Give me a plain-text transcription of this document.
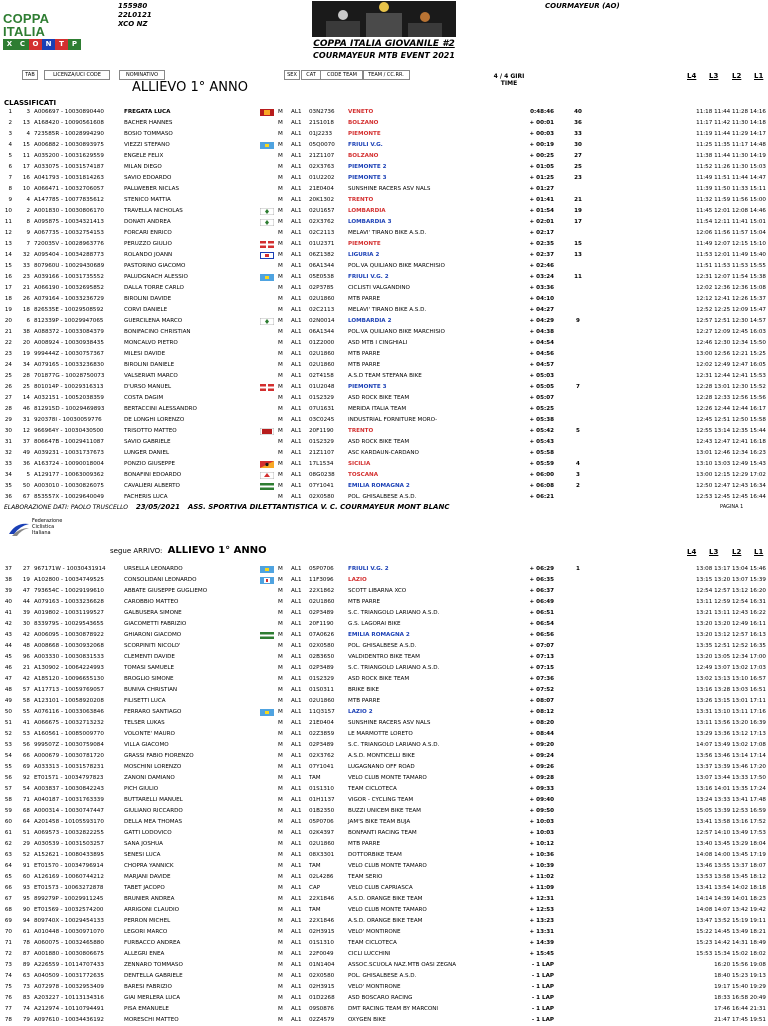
COPPA ITALIA
X	C	O	N	T	P
155980
22L0121
XCO NZ
COURMAYEUR (AO)
COPPA ITALIA GIOVANILE #2
COURMAYEUR MTB EVENT 2021
TAB	LICENZA/UCI CODE	NOMINATIVO	SEX	CAT	CODE TEAM	TEAM / CC.RR.
ALLIEVO 1° ANNO
4 / 4 GIRI
TIME
L4 L3 L2 L1
CLASSIFICATI
1	3 A006697 - 10030890440	FREGATA LUCA	M AL1 03N2736 VENETO	0:48:46	40	11:18 11:44 11:28 14:16
2	13 A168420 - 10090561608	BACHER HANNES	M AL1 21S1018	BOLZANO	+ 00:01	36	11:17 11:42 11:30 14:18
3	4 723585R - 10028994290	BOSIO TOMMASO	M AL1 01J2233	PIEMONTE	+ 00:03	33	11:19 11:44 11:29 14:17
4	15 A006882 - 10030893975	VIEZZI STEFANO	M AL1 05Q0070 FRIULI V.G.	+ 00:19	30	11:25 11:35 11:17 14:48
5	11 A035200 - 10031629559	ENGELE FELIX	M AL1 21Z1107 BOLZANO	+ 00:25	27	11:38 11:44 11:30 14:19
6	17 A033075 - 10031574187	MILAN DIEGO	M AL1 02X3763 PIEMONTE 2	+ 01:05	25	11:52 11:26 11:30 15:03
7	16 A041793 - 10031814263	SAVIO EDOARDO	M AL1 01U2202 PIEMONTE 3	+ 01:25	23	11:49 11:51 11:44 14:47
8	10 A066471 - 10032706057	PALLWEBER NICLAS	M AL1 21E0404	SUNSHINE RACERS ASV NALS	+ 01:27	11:39 11:50 11:33 15:11
9	4 A147785 - 10077835612	STENICO MATTIA	M AL1 20K1302 TRENTO	+ 01:41	21	11:32 11:59 11:56 15:00
10	2 A001830 - 10030806170	TRAVELLA NICHOLAS	M AL1 02U1657 LOMBARDIA	+ 01:54	19	11:45 12:01 12:08 14:46
11	8 A095875 - 10034321413	DONATI ANDREA	M AL1 02X3762 LOMBARDIA 3	+ 02:01	17	11:54 12:11 11:41 15:01
12	9 A067735 - 10032754153	FORCARI ENRICO	M AL1 02C2113 MELAVI' TIRANO BIKE A.S.D.	+ 02:17	12:06 11:56 11:57 15:04
13	7 720035V - 10028963776	PERUZZO GIULIO	M AL1 01U2371 PIEMONTE	+ 02:35	15	11:49 12:07 12:15 15:10
14	32 A095404 - 10034288773	ROLANDO JOANN	M AL1 06Z1382 LIGURIA 2	+ 02:37	13	11:53 12:01 11:49 15:40
15	33 807960U - 10029430689	PASTORINO GIACOMO	M AL1 06A1344 POL.VA QUILIANO BIKE MARCHISIO	+ 02:46	11:51 11:53 11:53 15:55
16	23 A039166 - 10031735552	PALUDGNACH ALESSIO	M AL1 05E0538	FRIULI V.G. 2	+ 03:24	11	12:31 12:07 11:54 15:38
17	21 A066190 - 10032695852	DALLA TORRE CARLO	M AL1 02P3785	CICLISTI VALGANDINO	+ 03:36	12:02 12:36 12:36 15:08
18	26 A079164 - 10033236729	BIROLINI DAVIDE	M AL1 02U1860 MTB PARRE	+ 04:10	12:12 12:41 12:26 15:37
19	18 826535E - 10029508592	CORVI DANIELE	M AL1 02C2113 MELAVI' TIRANO BIKE A.S.D.	+ 04:27	12:52 12:25 12:09 15:47
20	6 812339P - 10029947065	GUERCILENA MARCO	M AL1 02N0014 LOMBARDIA 2	+ 04:29	9	12:57 12:51 12:30 14:57
21	38 A088372 - 10033084379	BONIFACINO CHRISTIAN	M AL1 06A1344 POL.VA QUILIANO BIKE MARCHISIO	+ 04:38	12:27 12:09 12:45 16:03
22	20 A008924 - 10030938435	MONCALVO PIETRO	M AL1 01Z2000 ASD MTB I CINGHIALI	+ 04:54	12:46 12:30 12:34 15:50
23	19 999444Z - 10030757367	MILESI DAVIDE	M AL1 02U1860 MTB PARRE	+ 04:56	13:00 12:56 12:21 15:25
24	34 A079165 - 10033236830	BIROLINI DANIELE	M AL1 02U1860 MTB PARRE	+ 04:57	12:02 12:49 12:47 16:05
25	28 701877G - 10028750073	VALSERIATI MARCO	M AL1 02T4158	A.S.D TEAM STEFANA BIKE	+ 05:03	12:31 12:44 12:41 15:53
26	25 801014P - 10029316313	D'URSO MANUEL	M AL1 01U2048 PIEMONTE 3	+ 05:05	7	12:28 13:01 12:30 15:52
27	14 A032151 - 10052038359	COSTA DAGIM	M AL1 01S2329	ASD ROCK BIKE TEAM	+ 05:07	12:28 12:33 12:56 15:56
28	46 812915D - 10029469893	BERTACCINI ALESSANDRO	M AL1 07U1631 MERIDA ITALIA TEAM	+ 05:25	12:26 12:44 12:44 16:17
29	31 920378I - 10030059776	DE LONGHI LORENZO	M AL1 03C0245 INDUSTRIAL FORNITURE MORO-	+ 05:38	12:45 12:51 12:50 15:58
30	12 966964Y - 10030430500	TRISOTTO MATTEO	M AL1 20F1190	TRENTO	+ 05:42	5	12:55 13:14 12:35 15:44
31	37 806647B - 10029411087	SAVIO GABRIELE	M AL1 01S2329	ASD ROCK BIKE TEAM	+ 05:43	12:43 12:47 12:41 16:18
32	49 A039231 - 10031737673	LUNGER DANIEL	M AL1 21Z1107 ASC KARDAUN-CARDANO	+ 05:58	13:01 12:46 12:34 16:23
33	36 A163724 - 10090018004	PONZIO GIUSEPPE	M AL1 17L1534	SICILIA	+ 05:59	4	13:10 13:03 12:49 15:43
34	5 A129177 - 10063009362	BONAFINI EDOARDO	M AL1 08G0238 TOSCANA	+ 06:00	3	13:00 12:15 12:29 17:02
35	50 A003010 - 10030826075	CAVALIERI ALBERTO	M AL1 07Y1041	EMILIA ROMAGNA 2	+ 06:08	2	12:50 12:47 12:43 16:34
36	67 853557X - 10029640049	FACHERIS LUCA	M AL1 02X0580 POL. GHISALBESE A.S.D.	+ 06:21	12:53 12:45 12:45 16:44
ELABORAZIONE DATI: PAOLO TRUSCELLO 23/05/2021 ASS. SPORTIVA DILETTANTISTICA V. C. COURMAYEUR MONT BLANC	PAGINA 1
Federazione
Ciclistica
Italiana
segue ARRIVO: ALLIEVO 1° ANNO	L4 L3 L2 L1
37	27 967171W - 10030431914	URSELLA LEONARDO	M AL1 05P0706	FRIULI V.G. 2	+ 06:29	1	13:08 13:17 13:04 15:46
38	19 A102800 - 10034749525	CONSOLIDANI LEONARDO	M AL1 11F3096	LAZIO	+ 06:35	13:15 13:20 13:07 15:39
39	47 793654C - 10029199610	ABBATE GIUSEPPE GUGLIEMO	M AL1 22X1862 SCOTT LIBARNA XCO	+ 06:37	12:54 12:57 13:12 16:20
40	44 A079163 - 10033236628	CAROBBIO MATTEO	M AL1 02U1860 MTB PARRE	+ 06:49	13:11 12:59 12:54 16:31
41	39 A019802 - 10031199527	GALBUSERA SIMONE	M AL1 02P3489	S.C. TRIANGOLO LARIANO A.S.D.	+ 06:51	13:21 13:11 12:43 16:22
42	30 833979S - 10029543655	GIACOMETTI FABRIZIO	M AL1 20F1190	G.S. LAGORAI BIKE	+ 06:54	13:20 13:20 12:49 16:11
43	42 A006095 - 10030878922	GHIARONI GIACOMO	M AL1 07A0626 EMILIA ROMAGNA 2	+ 06:56	13:20 13:12 12:57 16:13
44	48 A008668 - 10030932068	SCORPINITI NICOLO'	M AL1 02X0580 POL. GHISALBESE A.S.D.	+ 07:07	13:35 12:51 12:52 16:35
45	96 A003330 - 10030831533	CLEMENTI DAVIDE	M AL1 02B3650 VALDIDENTRO BIKE TEAM	+ 07:13	13:20 13:05 12:34 17:00
46	21 A130902 - 10064224993	TOMASI SAMUELE	M AL1 02P3489	S.C. TRIANGOLO LARIANO A.S.D.	+ 07:15	12:49 13:07 13:02 17:03
47	42 A185120 - 10096655130	BROGLIO SIMONE	M AL1 01S2329	ASD ROCK BIKE TEAM	+ 07:36	13:02 13:13 13:10 16:57
48	57 A117713 - 10059769057	BUNIVA CHRISTIAN	M AL1 01S0311	BRIKE BIKE	+ 07:52	13:16 13:28 13:03 16:51
49	58 A123101 - 10058920208	FILISETTI LUCA	M AL1 02U1860 MTB PARRE	+ 08:07	13:26 13:15 13:01 17:11
50	55 A076116 - 10033063846	FERRARO SANTIAGO	M AL1 11Q3157 LAZIO 2	+ 08:12	13:31 13:10 13:11 17:16
51	41 A066675 - 10032713232	TELSER LUKAS	M AL1 21E0404	SUNSHINE RACERS ASV NALS	+ 08:20	13:11 13:56 13:20 16:39
52	53 A160561 - 10085009770	VOLONTE' MAURO	M AL1 02Z3859 LE MARMOTTE LORETO	+ 08:44	13:29 13:36 13:12 17:13
53	56 999507Z - 10030759084	VILLA GIACOMO	M AL1 02P3489	S.C. TRIANGOLO LARIANO A.S.D.	+ 09:20	14:07 13:49 13:02 17:08
54	66 A000679 - 10030781720	GRASSI FABIO FIORENZO	M AL1 02X3762 A.S.D. MONTICELLI BIKE	+ 09:24	13:56 13:46 13:14 17:14
55	69 A033313 - 10031578231	MOSCHINI LORENZO	M AL1 07Y1041	LUGAGNANO OFF ROAD	+ 09:26	13:37 13:39 13:46 17:20
56	92 ET01571 - 10034797823	ZANONI DAMIANO	M AL1 TAM	VELO CLUB MONTE TAMARO	+ 09:28	13:07 13:44 13:33 17:50
57	54 A003837 - 10030842243	PICH GIULIO	M AL1 01S1310	TEAM CICLOTECA	+ 09:33	13:16 14:01 13:35 17:24
58	71 A040187 - 10031763339	BUTTARELLI MANUEL	M AL1 01H1137 VIGOR - CYCLING TEAM	+ 09:40	13:24 13:33 13:41 17:48
59	68 A000314 - 10030747447	GIULIANO RICCARDO	M AL1 01B2350 BUZZI UNICEM BIKE TEAM	+ 09:50	15:05 13:39 12:53 16:59
60	64 A201458 - 10105593170	DELLA MEA THOMAS	M AL1 05P0706	JAM'S BIKE TEAM BUJA	+ 10:03	13:41 13:58 13:16 17:52
61	51 A069573 - 10032822255	GATTI LODOVICO	M AL1 02K4397 BONFANTI RACING TEAM	+ 10:03	12:57 14:10 13:49 17:53
62	29 A030539 - 10031503257	SANA JOSHUA	M AL1 02U1860 MTB PARRE	+ 10:12	13:40 13:45 13:29 18:04
63	52 A152621 - 10080433895	SENESI LUCA	M AL1 08X3301 DOTTORBIKE TEAM	+ 10:36	14:08 14:00 13:45 17:19
64	91 ET01570 - 10034796914	CHOPRA YANNICK	M AL1 TAM	VELO CLUB MONTE TAMARO	+ 10:39	13:46 13:55 13:37 18:07
65	60 A126169 - 10060744212	MARJANI DAVIDE	M AL1 02L4286	TEAM SERIO	+ 11:02	13:53 13:58 13:45 18:12
66	93 ET01573 - 10063272878	TABET JACOPO	M AL1 CAP	VELO CLUB CAPRIASCA	+ 11:09	13:41 13:54 14:02 18:18
67	95 899279P - 10029911245	BRUNIER ANDREA	M AL1 22X1846 A.S.D. ORANGE BIKE TEAM	+ 12:31	14:14 14:39 14:01 18:23
68	90 ET01569 - 10032574200	ARRIGONI CLAUDIO	M AL1 TAM	VELO CLUB MONTE TAMARO	+ 12:53	14:08 14:07 13:42 19:42
69	94 809740X - 10029454133	PERRON MICHEL	M AL1 22X1846 A.S.D. ORANGE BIKE TEAM	+ 13:23	13:47 13:52 15:19 19:11
70	61 A010448 - 10030971070	LEGORI MARCO	M AL1 02H3915 VELO' MONTIRONE	+ 13:31	15:22 14:45 13:49 18:21
71	78 A060075 - 10032465880	FURBACCO ANDREA	M AL1 01S1310	TEAM CICLOTECA	+ 14:39	15:23 14:42 14:31 18:49
72	87 A001880 - 10030806675	ALLEGRI ENEA	M AL1 22F0049	CICLI LUCCHINI	+ 15:45	15:53 15:34 15:02 18:02
73	89 A226559 - 10114707433	ZENNARO TOMMASO	M AL1 01N1404 ASSOC.SCUOLA NAZ.MTB OASI ZEGNA	- 1 LAP	16:20 15:56 19:08
74	63 A040509 - 10031772635	DENTELLA GABRIELE	M AL1 02X0580 POL. GHISALBESE A.S.D.	- 1 LAP	18:40 15:23 19:13
75	73 A072978 - 10032953409	BARESI FABRIZIO	M AL1 02H3915 VELO' MONTIRONE	- 1 LAP	19:17 15:40 19:29
76	83 A203227 - 10113134316	GIAI MERLERA LUCA	M AL1 01D2268 ASD BOSCARO RACING	- 1 LAP	18:33 16:58 20:49
77	74 A212974 - 10110794491	PISA EMANUELE	M AL1 09S0876	DMT RACING TEAM BY MARCONI	- 1 LAP	17:46 16:44 21:31
78	79 A097610 - 10034436192	MORESCHI MATTEO	M AL1 02Z4579 OXYGEN BIKE	- 1 LAP	21:47 17:45 19:51
